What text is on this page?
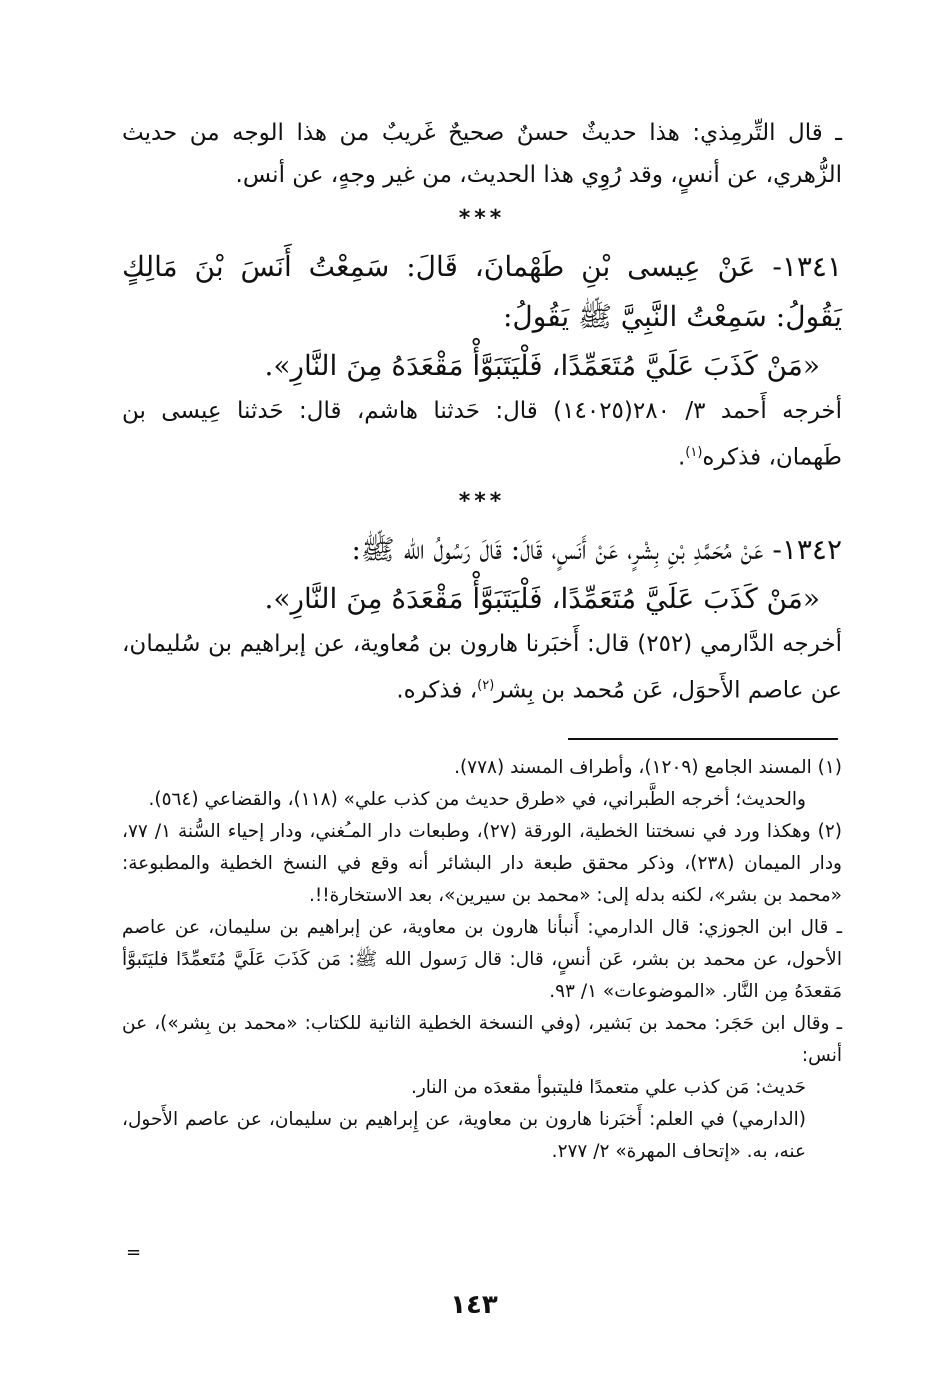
ـ قال التِّرمِذي: هذا حديثٌ حسنٌ صحيحٌ غَريبٌ من هذا الوجه من حديث الزُّهري، عن أنسٍ، وقد رُوِي هذا الحديث، من غير وجهٍ، عن أنس.

***

١٣٤١- عَنْ عِيسى بْنِ طَهْمانَ، قَالَ: سَمِعْتُ أَنَسَ بْنَ مَالِكٍ يَقُولُ: سَمِعْتُ النَّبِيَّ ﷺ يَقُولُ:

«مَنْ كَذَبَ عَلَيَّ مُتَعَمِّدًا، فَلْيَتَبَوَّأْ مَقْعَدَهُ مِنَ النَّارِ».

أخرجه أَحمد ٣/ ٢٨٠(١٤٠٢٥) قال: حَدثنا هاشم، قال: حَدثنا عِيسى بن طَهمان، فذكره$^{(١)}$.

***

١٣٤٢- عَنْ مُحَمَّدِ بْنِ بِشْرٍ، عَنْ أَنَسٍ، قَالَ: قَالَ رَسُولُ الله ﷺ:

«مَنْ كَذَبَ عَلَيَّ مُتَعَمِّدًا، فَلْيَتَبَوَّأْ مَقْعَدَهُ مِنَ النَّارِ».

أخرجه الدَّارمي (٢٥٢) قال: أَخبَرنا هارون بن مُعاوية، عن إبراهيم بن سُليمان، عن عاصم الأَحوَل، عَن مُحمد بن بِشر$^{(٢)}$، فذكره.

(١) المسند الجامع (١٢٠٩)، وأطراف المسند (٧٧٨).

والحديث؛ أخرجه الطَّبراني، في «طرق حديث من كذب علي» (١١٨)، والقضاعي (٥٦٤).

(٢) وهكذا ورد في نسختنا الخطية، الورقة (٢٧)، وطبعات دار المـُغني، ودار إحياء السُّنة ١/ ٧٧، ودار الميمان (٢٣٨)، وذكر محقق طبعة دار البشائر أنه وقع في النسخ الخطية والمطبوعة: «محمد بن بشر»، لكنه بدله إلى: «محمد بن سيرين»، بعد الاستخارة!!.

ـ قال ابن الجوزي: قال الدارمي: أَنبأنا هارون بن معاوية، عن إبراهيم بن سليمان، عن عاصم الأحول، عن محمد بن بشر، عَن أنسٍ، قال: قال رَسول الله ﷺ: مَن كَذَبَ عَلَيَّ مُتَعمِّدًا فليَتَبوَّأ مَقعدَهُ مِن النَّار. «الموضوعات» ١/ ٩٣.

ـ وقال ابن حَجَر: محمد بن بَشير، (وفي النسخة الخطية الثانية للكتاب: «محمد بن بِشر»)، عن أنس:

حَديث: مَن كذب علي متعمدًا فليتبوأ مقعدَه من النار.

(الدارمي) في العلم: أَخبَرنا هارون بن معاوية، عن إِبراهيم بن سليمان، عن عاصم الأَحول، عنه، به. «إتحاف المهرة» ٢/ ٢٧٧.

=
١٤٣
